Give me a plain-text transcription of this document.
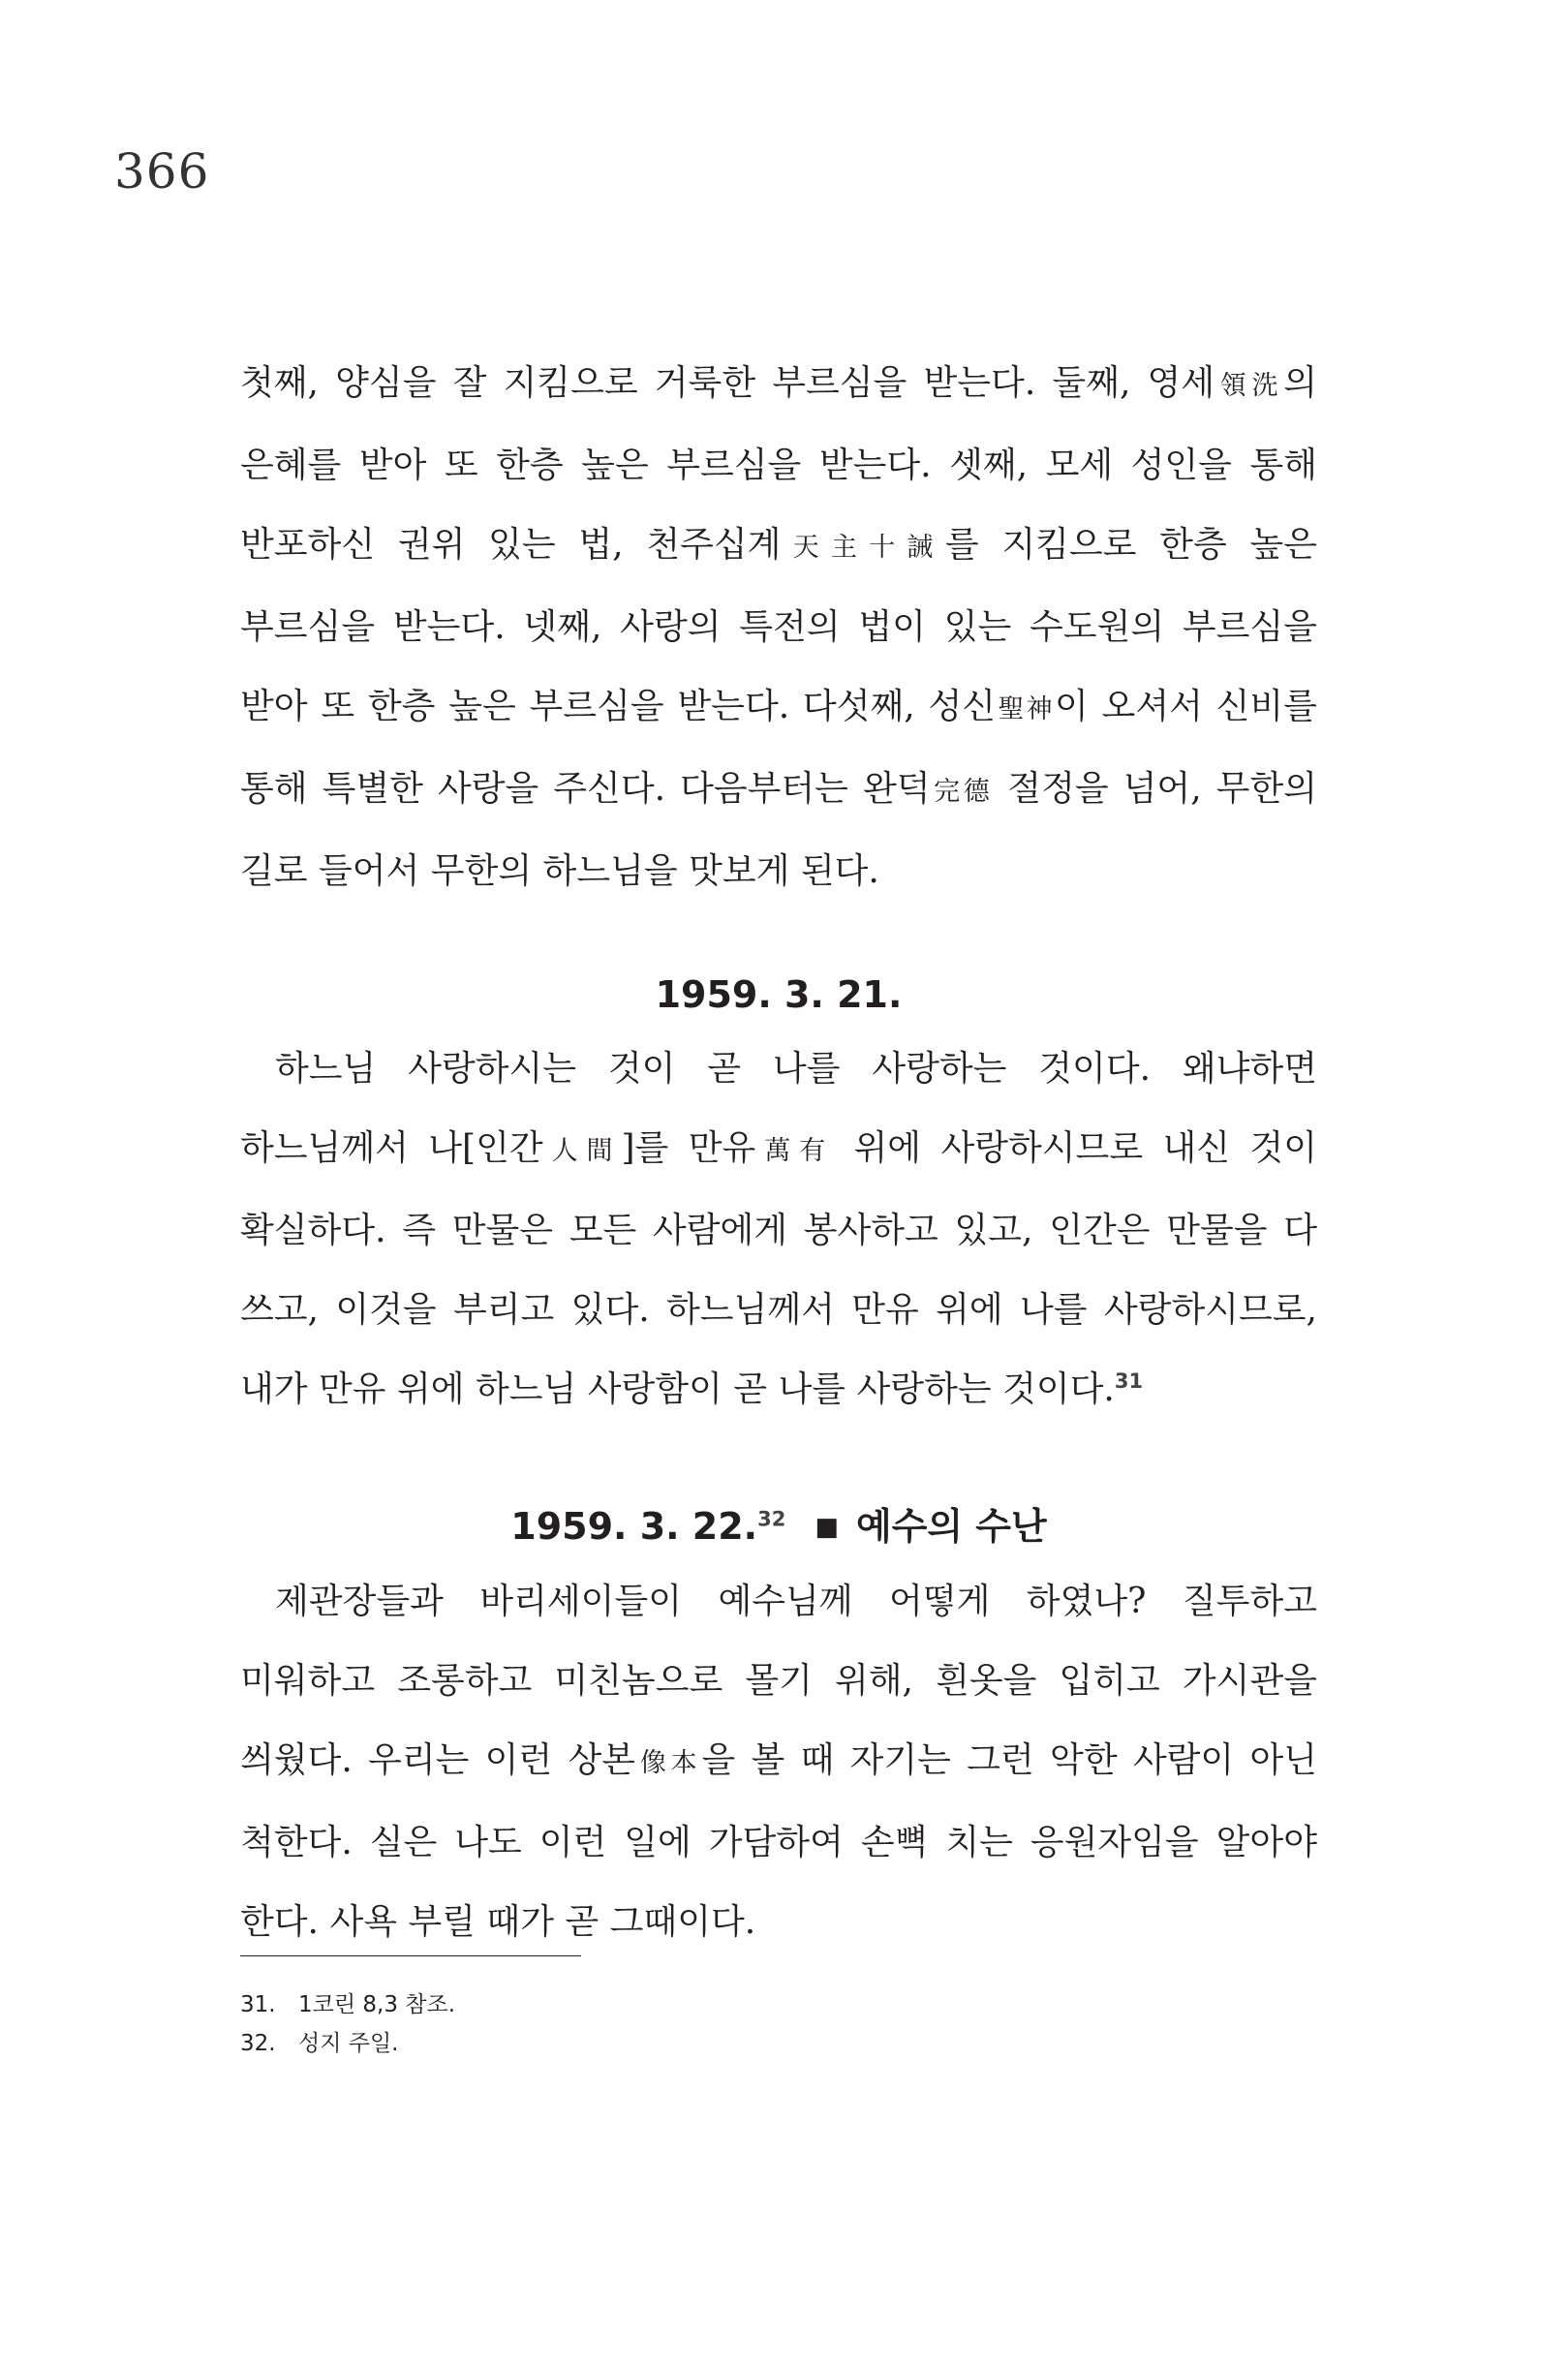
366

첫째, 양심을 잘 지킴으로 거룩한 부르심을 받는다. 둘째, 영세領洗의 은혜를 받아 또 한층 높은 부르심을 받는다. 셋째, 모세 성인을 통해 반포하신 권위 있는 법, 천주십계天主十誡를 지킴으로 한층 높은 부르심을 받는다. 넷째, 사랑의 특전의 법이 있는 수도원의 부르심을 받아 또 한층 높은 부르심을 받는다. 다섯째, 성신聖神이 오셔서 신비를 통해 특별한 사랑을 주신다. 다음부터는 완덕完德 절정을 넘어, 무한의 길로 들어서 무한의 하느님을 맛보게 된다.

1959. 3. 21.

하느님 사랑하시는 것이 곧 나를 사랑하는 것이다. 왜냐하면 하느님께서 나[인간人間]를 만유萬有 위에 사랑하시므로 내신 것이 확실하다. 즉 만물은 모든 사람에게 봉사하고 있고, 인간은 만물을 다 쓰고, 이것을 부리고 있다. 하느님께서 만유 위에 나를 사랑하시므로, 내가 만유 위에 하느님 사랑함이 곧 나를 사랑하는 것이다.$^{31}$

1959. 3. 22.32 ■ 예수의 수난

제관장들과 바리세이들이 예수님께 어떻게 하였나? 질투하고 미워하고 조롱하고 미친놈으로 몰기 위해, 흰옷을 입히고 가시관을 씌웠다. 우리는 이런 상본像本을 볼 때 자기는 그런 악한 사람이 아닌 척한다. 실은 나도 이런 일에 가담하여 손뼉 치는 응원자임을 알아야 한다. 사욕 부릴 때가 곧 그때이다.

31. 1코린 8,3 참조.
32. 성지 주일.
